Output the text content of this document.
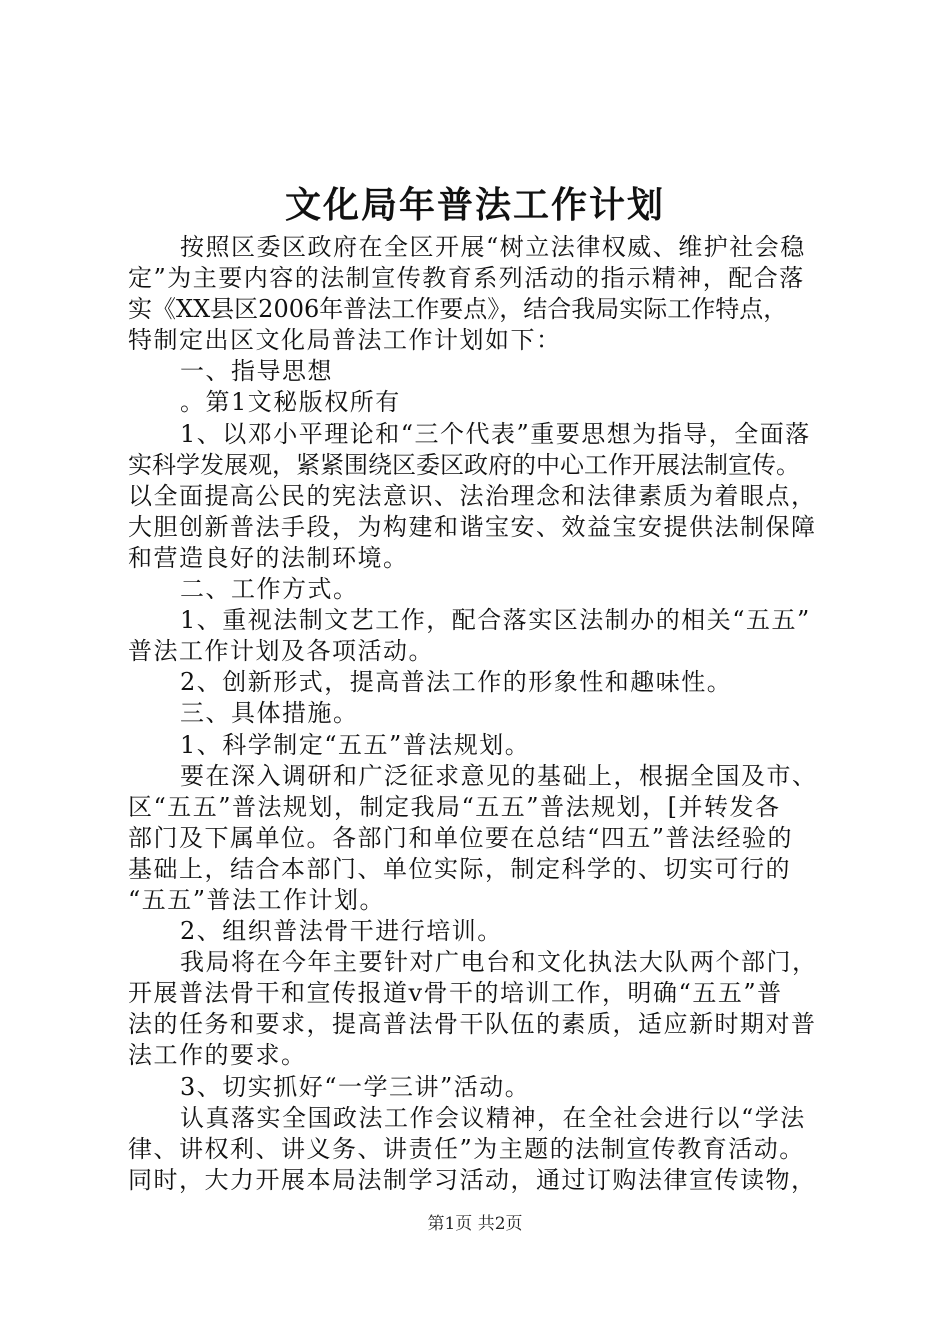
文化局年普法工作计划
按照区委区政府在全区开展“树立法律权威、维护社会稳
定”为主要内容的法制宣传教育系列活动的指示精神，配合落
实《XX县区2006年普法工作要点》，结合我局实际工作特点，
特制定出区文化局普法工作计划如下：
一、指导思想
。第1文秘版权所有
1、以邓小平理论和“三个代表”重要思想为指导，全面落
实科学发展观，紧紧围绕区委区政府的中心工作开展法制宣传。
以全面提高公民的宪法意识、法治理念和法律素质为着眼点，
大胆创新普法手段，为构建和谐宝安、效益宝安提供法制保障
和营造良好的法制环境。
二、工作方式。
1、重视法制文艺工作，配合落实区法制办的相关“五五”
普法工作计划及各项活动。
2、创新形式，提高普法工作的形象性和趣味性。
三、具体措施。
1、科学制定“五五”普法规划。
要在深入调研和广泛征求意见的基础上，根据全国及市、
区“五五”普法规划，制定我局“五五”普法规划，[并转发各
部门及下属单位。各部门和单位要在总结“四五”普法经验的
基础上，结合本部门、单位实际，制定科学的、切实可行的
“五五”普法工作计划。
2、组织普法骨干进行培训。
我局将在今年主要针对广电台和文化执法大队两个部门，
开展普法骨干和宣传报道v骨干的培训工作，明确“五五”普
法的任务和要求，提高普法骨干队伍的素质，适应新时期对普
法工作的要求。
3、切实抓好“一学三讲”活动。
认真落实全国政法工作会议精神，在全社会进行以“学法
律、讲权利、讲义务、讲责任”为主题的法制宣传教育活动。
同时，大力开展本局法制学习活动，通过订购法律宣传读物，
第1页 共2页
